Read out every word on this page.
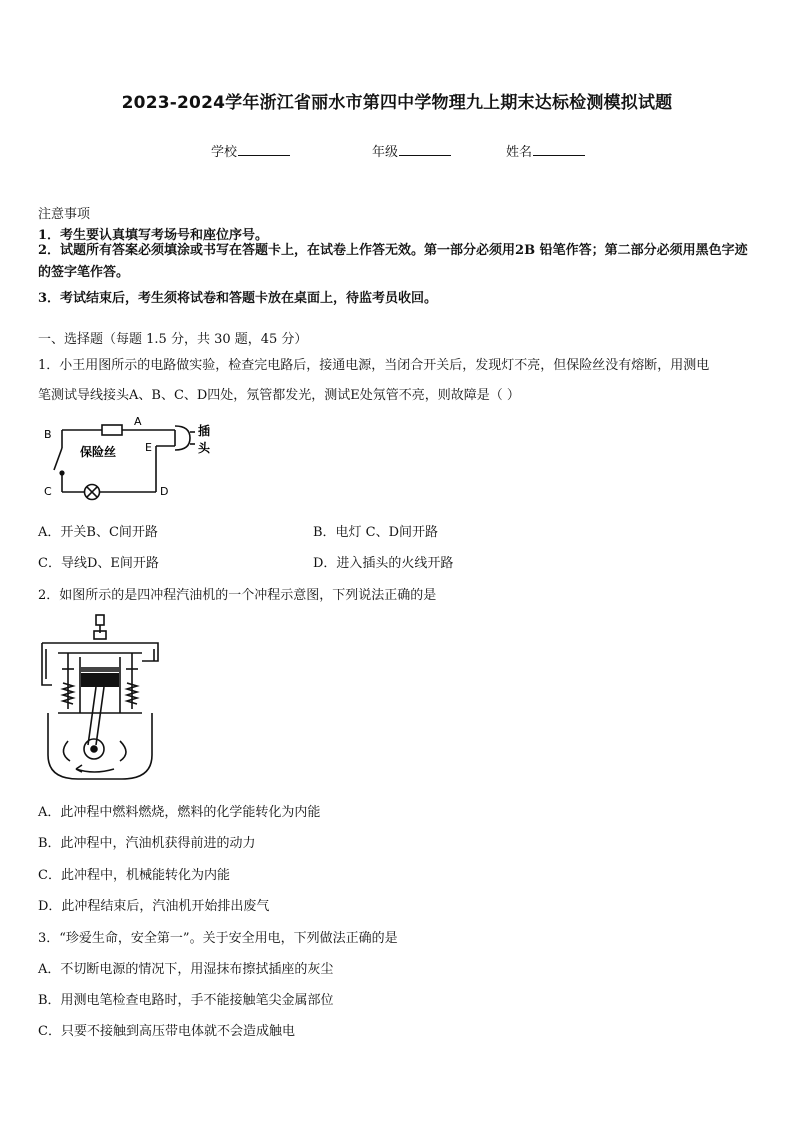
2023-2024学年浙江省丽水市第四中学物理九上期末达标检测模拟试题
学校	年级	姓名
注意事项
1．考生要认真填写考场号和座位序号。
2．试题所有答案必须填涂或书写在答题卡上，在试卷上作答无效。第一部分必须用2B 铅笔作答；第二部分必须用黑色字迹的签字笔作答。
3．考试结束后，考生须将试卷和答题卡放在桌面上，待监考员收回。
一、选择题（每题 1.5 分，共 30 题，45 分）
1．小王用图所示的电路做实验，检查完电路后，接通电源，当闭合开关后，发现灯不亮，但保险丝没有熔断，用测电
笔测试导线接头A、B、C、D四处，氖管都发光，测试E处氖管不亮，则故障是（ ）
B
A
C	D
E
保险丝
插
头
A．开关B、C间开路	B．电灯 C、D间开路
C．导线D、E间开路	D．进入插头的火线开路
2．如图所示的是四冲程汽油机的一个冲程示意图，下列说法正确的是
A．此冲程中燃料燃烧，燃料的化学能转化为内能
B．此冲程中，汽油机获得前进的动力
C．此冲程中，机械能转化为内能
D．此冲程结束后，汽油机开始排出废气
3．“珍爱生命，安全第一”。关于安全用电，下列做法正确的是
A．不切断电源的情况下，用湿抹布擦拭插座的灰尘
B．用测电笔检查电路时，手不能接触笔尖金属部位
C．只要不接触到高压带电体就不会造成触电
